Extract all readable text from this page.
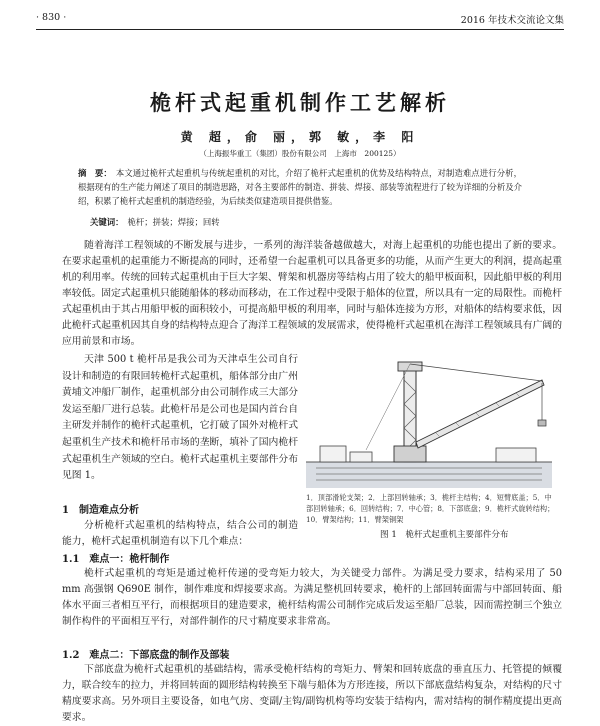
· 830 ·	2016 年技术交流论文集
桅杆式起重机制作工艺解析
黄 超，俞 丽，郭 敏，李 阳
（上海振华重工（集团）股份有限公司　上海市　200125）
摘　要： 本文通过桅杆式起重机与传统起重机的对比，介绍了桅杆式起重机的优势及结构特点，对制造难点进行分析，根据现有的生产能力阐述了项目的制造思路，对各主要部件的制造、拼装、焊接、部装等流程进行了较为详细的分析及介绍，积累了桅杆式起重机的制造经验，为后续类似建造项目提供借鉴。
关键词： 桅杆；拼装；焊接；回转

随着海洋工程领域的不断发展与进步，一系列的海洋装备越做越大，对海上起重机的功能也提出了新的要求。在要求起重机的起重能力不断提高的同时，还希望一台起重机可以具备更多的功能，从而产生更大的利润，提高起重机的利用率。传统的回转式起重机由于巨大字架、臂架和机器房等结构占用了较大的船甲板面积，因此船甲板的利用率较低。固定式起重机只能随船体的移动而移动，在工作过程中受限于船体的位置，所以具有一定的局限性。而桅杆式起重机由于其占用船甲板的面积较小，可提高船甲板的利用率，同时与船体连接为方形，对船体的结构要求低，因此桅杆式起重机因其自身的结构特点迎合了海洋工程领域的发展需求，使得桅杆式起重机在海洋工程领域具有广阔的应用前景和市场。

天津 500 t 桅杆吊是我公司为天津卓生公司自行设计和制造的有限回转桅杆式起重机，船体部分由广州黄埔文冲船厂制作，起重机部分由公司制作成三大部分发运至船厂进行总装。此桅杆吊是公司也是国内首台自主研发并制作的桅杆式起重机，它打破了国外对桅杆式起重机生产技术和桅杆吊市场的垄断，填补了国内桅杆式起重机生产领域的空白。桅杆式起重机主要部件分布见图 1。

1．顶部滑轮支架；2．上部回转轴承；3．桅杆主结构；4．短臂底盖；5．中部回转轴承；6．回转结构；7．中心管；8．下部底盘；9．桅杆式旋转结构；10．臂架结构；11．臂架铜架
图 1　桅杆式起重机主要部件分布
1　制造难点分析

分析桅杆式起重机的结构特点，结合公司的制造能力，桅杆式起重机制造有以下几个难点：

1.1　难点一：桅杆制作

桅杆式起重机的弯矩是通过桅杆传递的受弯矩力较大，为关键受力部件。为满足受力要求，结构采用了 50 mm 高强钢 Q690E 制作，制作难度和焊接要求高。为满足整机回转要求，桅杆的上部回转面需与中部回转面、船体水平面三者相互平行，而根据项目的建造要求，桅杆结构需公司制作完成后发运至船厂总装，因而需控制三个独立制作构件的平面相互平行，对部件制作的尺寸精度要求非常高。

1.2　难点二：下部底盘的制作及部装

下部底盘为桅杆式起重机的基础结构，需承受桅杆结构的弯矩力、臂架和回转底盘的垂直压力、托管提的倾覆力，联合绞车的拉力，并将回转面的圆形结构转换至下端与船体为方形连接，所以下部底盘结构复杂，对结构的尺寸精度要求高。另外项目主要设备，如电气房、变副/主钩/副钩机构等均安装于结构内，需对结构的制作精度提出更高要求。
